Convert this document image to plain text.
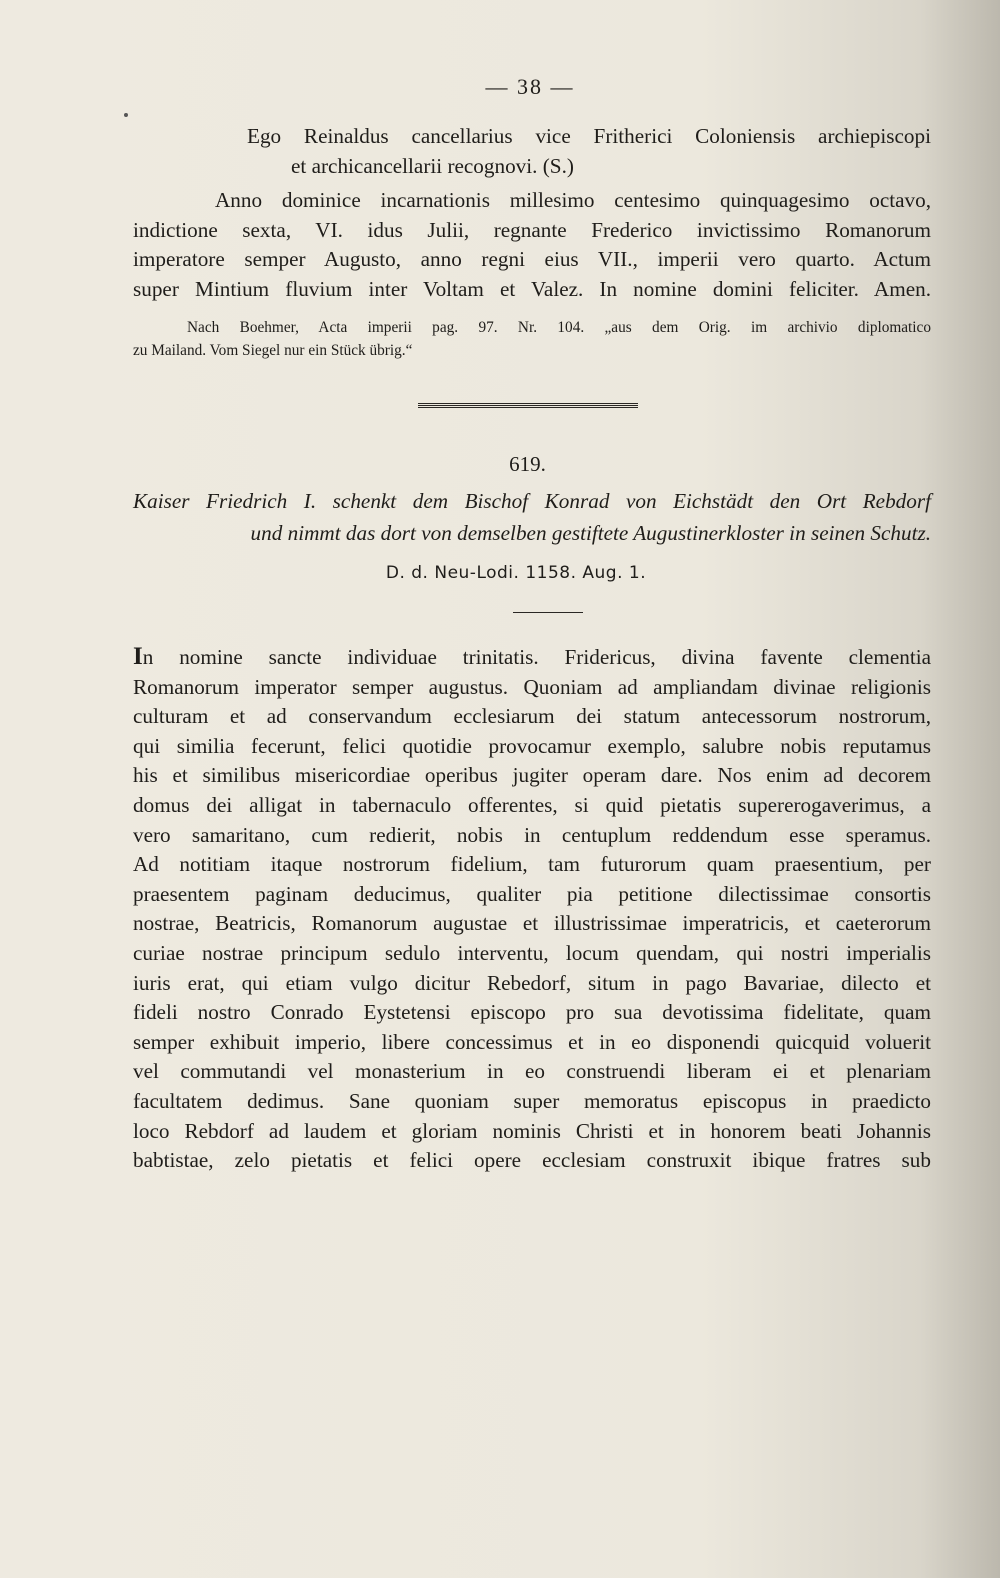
— 38 —
Ego Reinaldus cancellarius vice Fritherici Coloniensis archiepiscopi
et archicancellarii recognovi. (S.)
Anno dominice incarnationis millesimo centesimo quinquagesimo octavo,
indictione sexta, VI. idus Julii, regnante Frederico invictissimo Romanorum
imperatore semper Augusto, anno regni eius VII., imperii vero quarto. Actum
super Mintium fluvium inter Voltam et Valez. In nomine domini feliciter. Amen.
Nach Boehmer, Acta imperii pag. 97. Nr. 104. „aus dem Orig. im archivio diplomatico
zu Mailand. Vom Siegel nur ein Stück übrig.“
619.
Kaiser Friedrich I. schenkt dem Bischof Konrad von Eichstädt den Ort Rebdorf
und nimmt das dort von demselben gestiftete Augustinerkloster in seinen Schutz.
D. d. Neu-Lodi. 1158. Aug. 1.
In nomine sancte individuae trinitatis. Fridericus, divina favente clementia
Romanorum imperator semper augustus. Quoniam ad ampliandam divinae religionis
culturam et ad conservandum ecclesiarum dei statum antecessorum nostrorum,
qui similia fecerunt, felici quotidie provocamur exemplo, salubre nobis reputamus
his et similibus misericordiae operibus jugiter operam dare. Nos enim ad decorem
domus dei alligat in tabernaculo offerentes, si quid pietatis supererogaverimus, a
vero samaritano, cum redierit, nobis in centuplum reddendum esse speramus.
Ad notitiam itaque nostrorum fidelium, tam futurorum quam praesentium, per
praesentem paginam deducimus, qualiter pia petitione dilectissimae consortis
nostrae, Beatricis, Romanorum augustae et illustrissimae imperatricis, et caeterorum
curiae nostrae principum sedulo interventu, locum quendam, qui nostri imperialis
iuris erat, qui etiam vulgo dicitur Rebedorf, situm in pago Bavariae, dilecto et
fideli nostro Conrado Eystetensi episcopo pro sua devotissima fidelitate, quam
semper exhibuit imperio, libere concessimus et in eo disponendi quicquid voluerit
vel commutandi vel monasterium in eo construendi liberam ei et plenariam
facultatem dedimus. Sane quoniam super memoratus episcopus in praedicto
loco Rebdorf ad laudem et gloriam nominis Christi et in honorem beati Johannis
babtistae, zelo pietatis et felici opere ecclesiam construxit ibique fratres sub
